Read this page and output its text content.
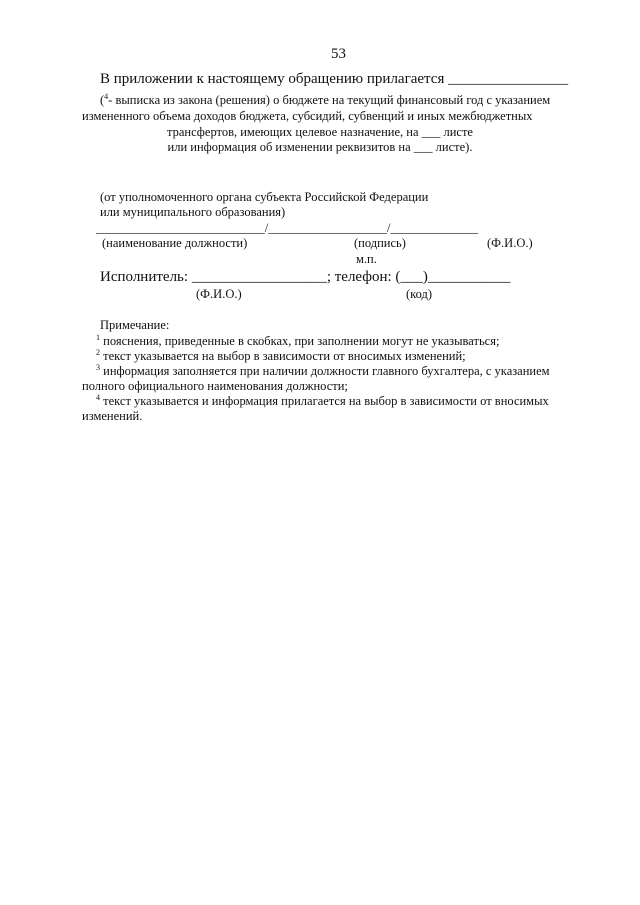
53
В приложении к настоящему обращению прилагается ________________
($^4$- выписка из закона (решения) о бюджете на текущий финансовый год с указанием
измененного объема доходов бюджета, субсидий, субвенций и иных межбюджетных
трансфертов, имеющих целевое назначение, на ___ листе
или информация об изменении реквизитов на ___ листе).
(от уполномоченного органа субъекта Российской Федерации
или муниципального образования)
___________________________/___________________/______________
(наименование должности)	(подпись)	(Ф.И.О.)
м.п.
Исполнитель: __________________; телефон: (___)___________
(Ф.И.О.)	(код)
Примечание:
$^1$ пояснения, приведенные в скобках, при заполнении могут не указываться;
$^2$ текст указывается на выбор в зависимости от вносимых изменений;
$^3$ информация заполняется при наличии должности главного бухгалтера, с указанием
полного официального наименования должности;
$^4$ текст указывается и информация прилагается на выбор в зависимости от вносимых
изменений.
